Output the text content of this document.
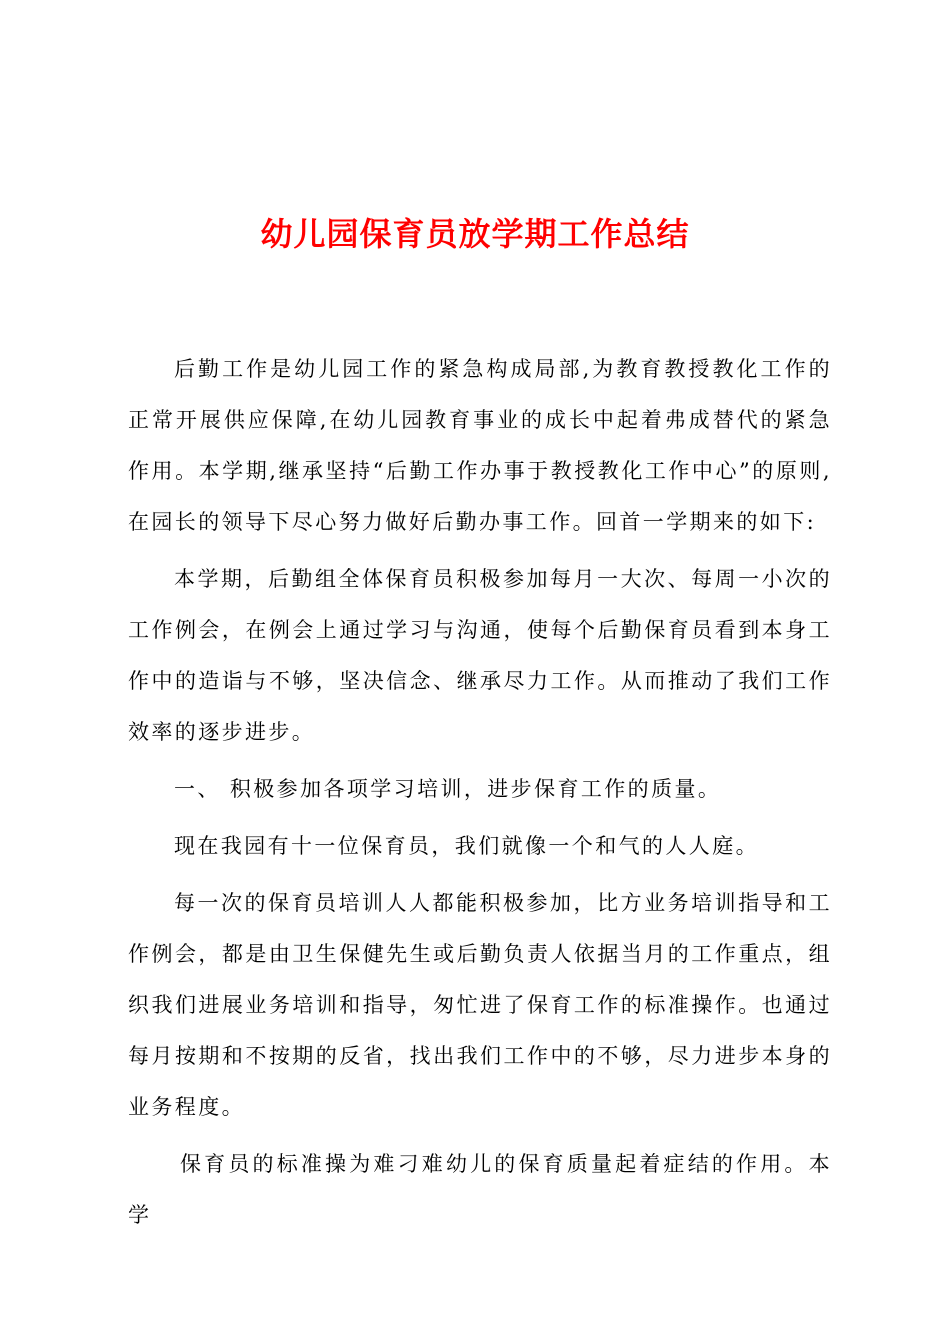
幼儿园保育员放学期工作总结

后勤工作是幼儿园工作的紧急构成局部,为教育教授教化工作的正常开展供应保障,在幼儿园教育事业的成长中起着弗成替代的紧急作用。本学期,继承坚持“后勤工作办事于教授教化工作中心”的原则,在园长的领导下尽心努力做好后勤办事工作。回首一学期来的如下:

本学期，后勤组全体保育员积极参加每月一大次、每周一小次的工作例会，在例会上通过学习与沟通，使每个后勤保育员看到本身工作中的造诣与不够，坚决信念、继承尽力工作。从而推动了我们工作效率的逐步进步。

一、 积极参加各项学习培训，进步保育工作的质量。

现在我园有十一位保育员，我们就像一个和气的人人庭。

每一次的保育员培训人人都能积极参加，比方业务培训指导和工作例会，都是由卫生保健先生或后勤负责人依据当月的工作重点，组织我们进展业务培训和指导，匆忙进了保育工作的标准操作。也通过每月按期和不按期的反省，找出我们工作中的不够，尽力进步本身的业务程度。

保育员的标准操为难刁难幼儿的保育质量起着症结的作用。本学
